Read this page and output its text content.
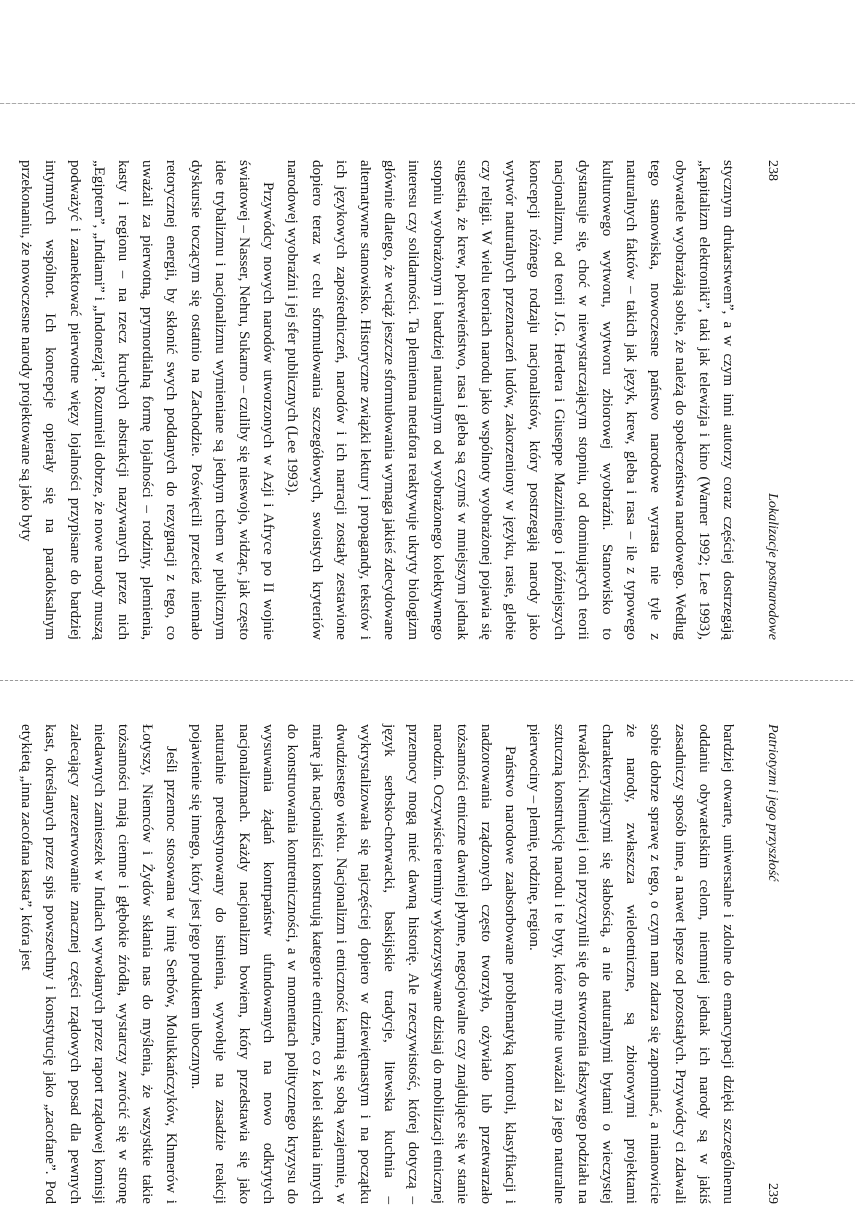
238
Lokalizacje postnarodowe

stycznym drukarstwem”, a w czym inni autorzy coraz częściej dostrzegają „kapitalizm elektroniki”, taki jak telewizja i kino (Warner 1992; Lee 1993), obywatele wyobrażają sobie, że należą do społeczeństwa narodowego. Według tego stanowiska, nowoczesne państwo narodowe wyrasta nie tyle z naturalnych faktów – takich jak język, krew, gleba i rasa – ile z typowego kulturowego wytworu, wytworu zbiorowej wyobraźni. Stanowisko to dystansuje się, choć w niewystarczającym stopniu, od dominujących teorii nacjonalizmu, od teorii J.G. Herdera i Giuseppe Mazziniego i późniejszych koncepcji różnego rodzaju nacjonalistów, który postrzegają narody jako wytwór naturalnych przeznaczeń ludów, zakorzeniony w języku, rasie, glebie czy religii. W wielu teoriach narodu jako wspólnoty wyobrażonej pojawia się sugestia, że krew, pokrewieństwo, rasa i gleba są czymś w mniejszym jednak stopniu wyobrażonym i bardziej naturalnym od wyobrażonego kolektywnego interesu czy solidarności. Ta plemienna metafora reaktywuje ukryty biologizm głównie dlatego, że wciąż jeszcze sformułowania wymaga jakieś zdecydowane alternatywne stanowisko. Historyczne związki lektury i propagandy, tekstów i ich językowych zapośredniczeń, narodów i ich narracji zostały zestawione dopiero teraz w celu sformułowania szczegółowych, swoistych kryteriów narodowej wyobraźni i jej sfer publicznych (Lee 1993).

Przywódcy nowych narodów utworzonych w Azji i Afryce po II wojnie światowej – Nasser, Nehru, Sukarno – czuliby się nieswojo, widząc, jak często idee trybalizmu i nacjonalizmu wymieniane są jednym tchem w publicznym dyskursie toczącym się ostatnio na Zachodzie. Poświęcili przecież niemało retorycznej energii, by skłonić swych poddanych do rezygnacji z tego, co uważali za pierwotną, prymordialną formę lojalności – rodziny, plemienia, kasty i regionu – na rzecz kruchych abstrakcji nazywanych przez nich „Egiptem”, „Indiami” i „Indonezją”. Rozumieli dobrze, że nowe narody muszą podważyć i zaanektować pierwotne więzy lojalności przypisane do bardziej intymnych wspólnot. Ich koncepcje opierały się na paradoksalnym przekonaniu, że nowoczesne narody projektowane są jako byty

Patriotyzm i jego przyszłość
239

bardziej otwarte, uniwersalne i zdolne do emancypacji dzięki szczególnemu oddaniu obywatelskim celom, niemniej jednak ich narody są w jakiś zasadniczy sposób inne, a nawet lepsze od pozostałych. Przywódcy ci zdawali sobie dobrze sprawę z tego, o czym nam zdarza się zapominać, a mianowicie że narody, zwłaszcza wieloetniczne, są zbiorowymi projektami charakteryzującymi się słabością, a nie naturalnymi bytami o wieczystej trwałości. Niemniej i oni przyczynili się do stworzenia fałszywego podziału na sztuczną konstrukcję narodu i te byty, które mylnie uważali za jego naturalne pierwociny – plemię, rodzinę, region.

Państwo narodowe zaabsorbowane problematyką kontroli, klasyfikacji i nadzorowania rządzonych często tworzyło, ożywiało lub przetwarzało tożsamości etniczne dawniej płynne, negocjowalne czy znajdujące się w stanie narodzin. Oczywiście terminy wykorzystywane dzisiaj do mobilizacji etnicznej przemocy mogą mieć dawną historię. Ale rzeczywistość, której dotyczą – język serbsko-chorwacki, baskijskie tradycje, litewska kuchnia – wykrystalizowała się najczęściej dopiero w dziewiętnastym i na początku dwudziestego wieku. Nacjonalizm i etniczność karmią się sobą wzajemnie, w miarę jak nacjonaliści konstruują kategorie etniczne, co z kolei skłania innych do konstruowania kontretniczności, a w momentach politycznego kryzysu do wysuwania żądań kontrpaństw ufundowanych na nowo odkrytych nacjonalizmach. Każdy nacjonalizm bowiem, który przedstawia się jako naturalnie predestynowany do istnienia, wywołuje na zasadzie reakcji pojawienie się innego, który jest jego produktem ubocznym.

Jeśli przemoc stosowana w imię Serbów, Molukkańczyków, Khmerów i Łotyszy, Niemców i Żydów skłania nas do myślenia, że wszystkie takie tożsamości mają ciemne i głębokie źródła, wystarczy zwrócić się w stronę niedawnych zamieszek w Indiach wywołanych przez raport rządowej komisji zalecający zarezerwowanie znacznej części rządowych posad dla pewnych kast, określanych przez spis powszechny i konstytucję jako „zacofane”. Pod etykietą „inna zacofana kasta”, która jest
